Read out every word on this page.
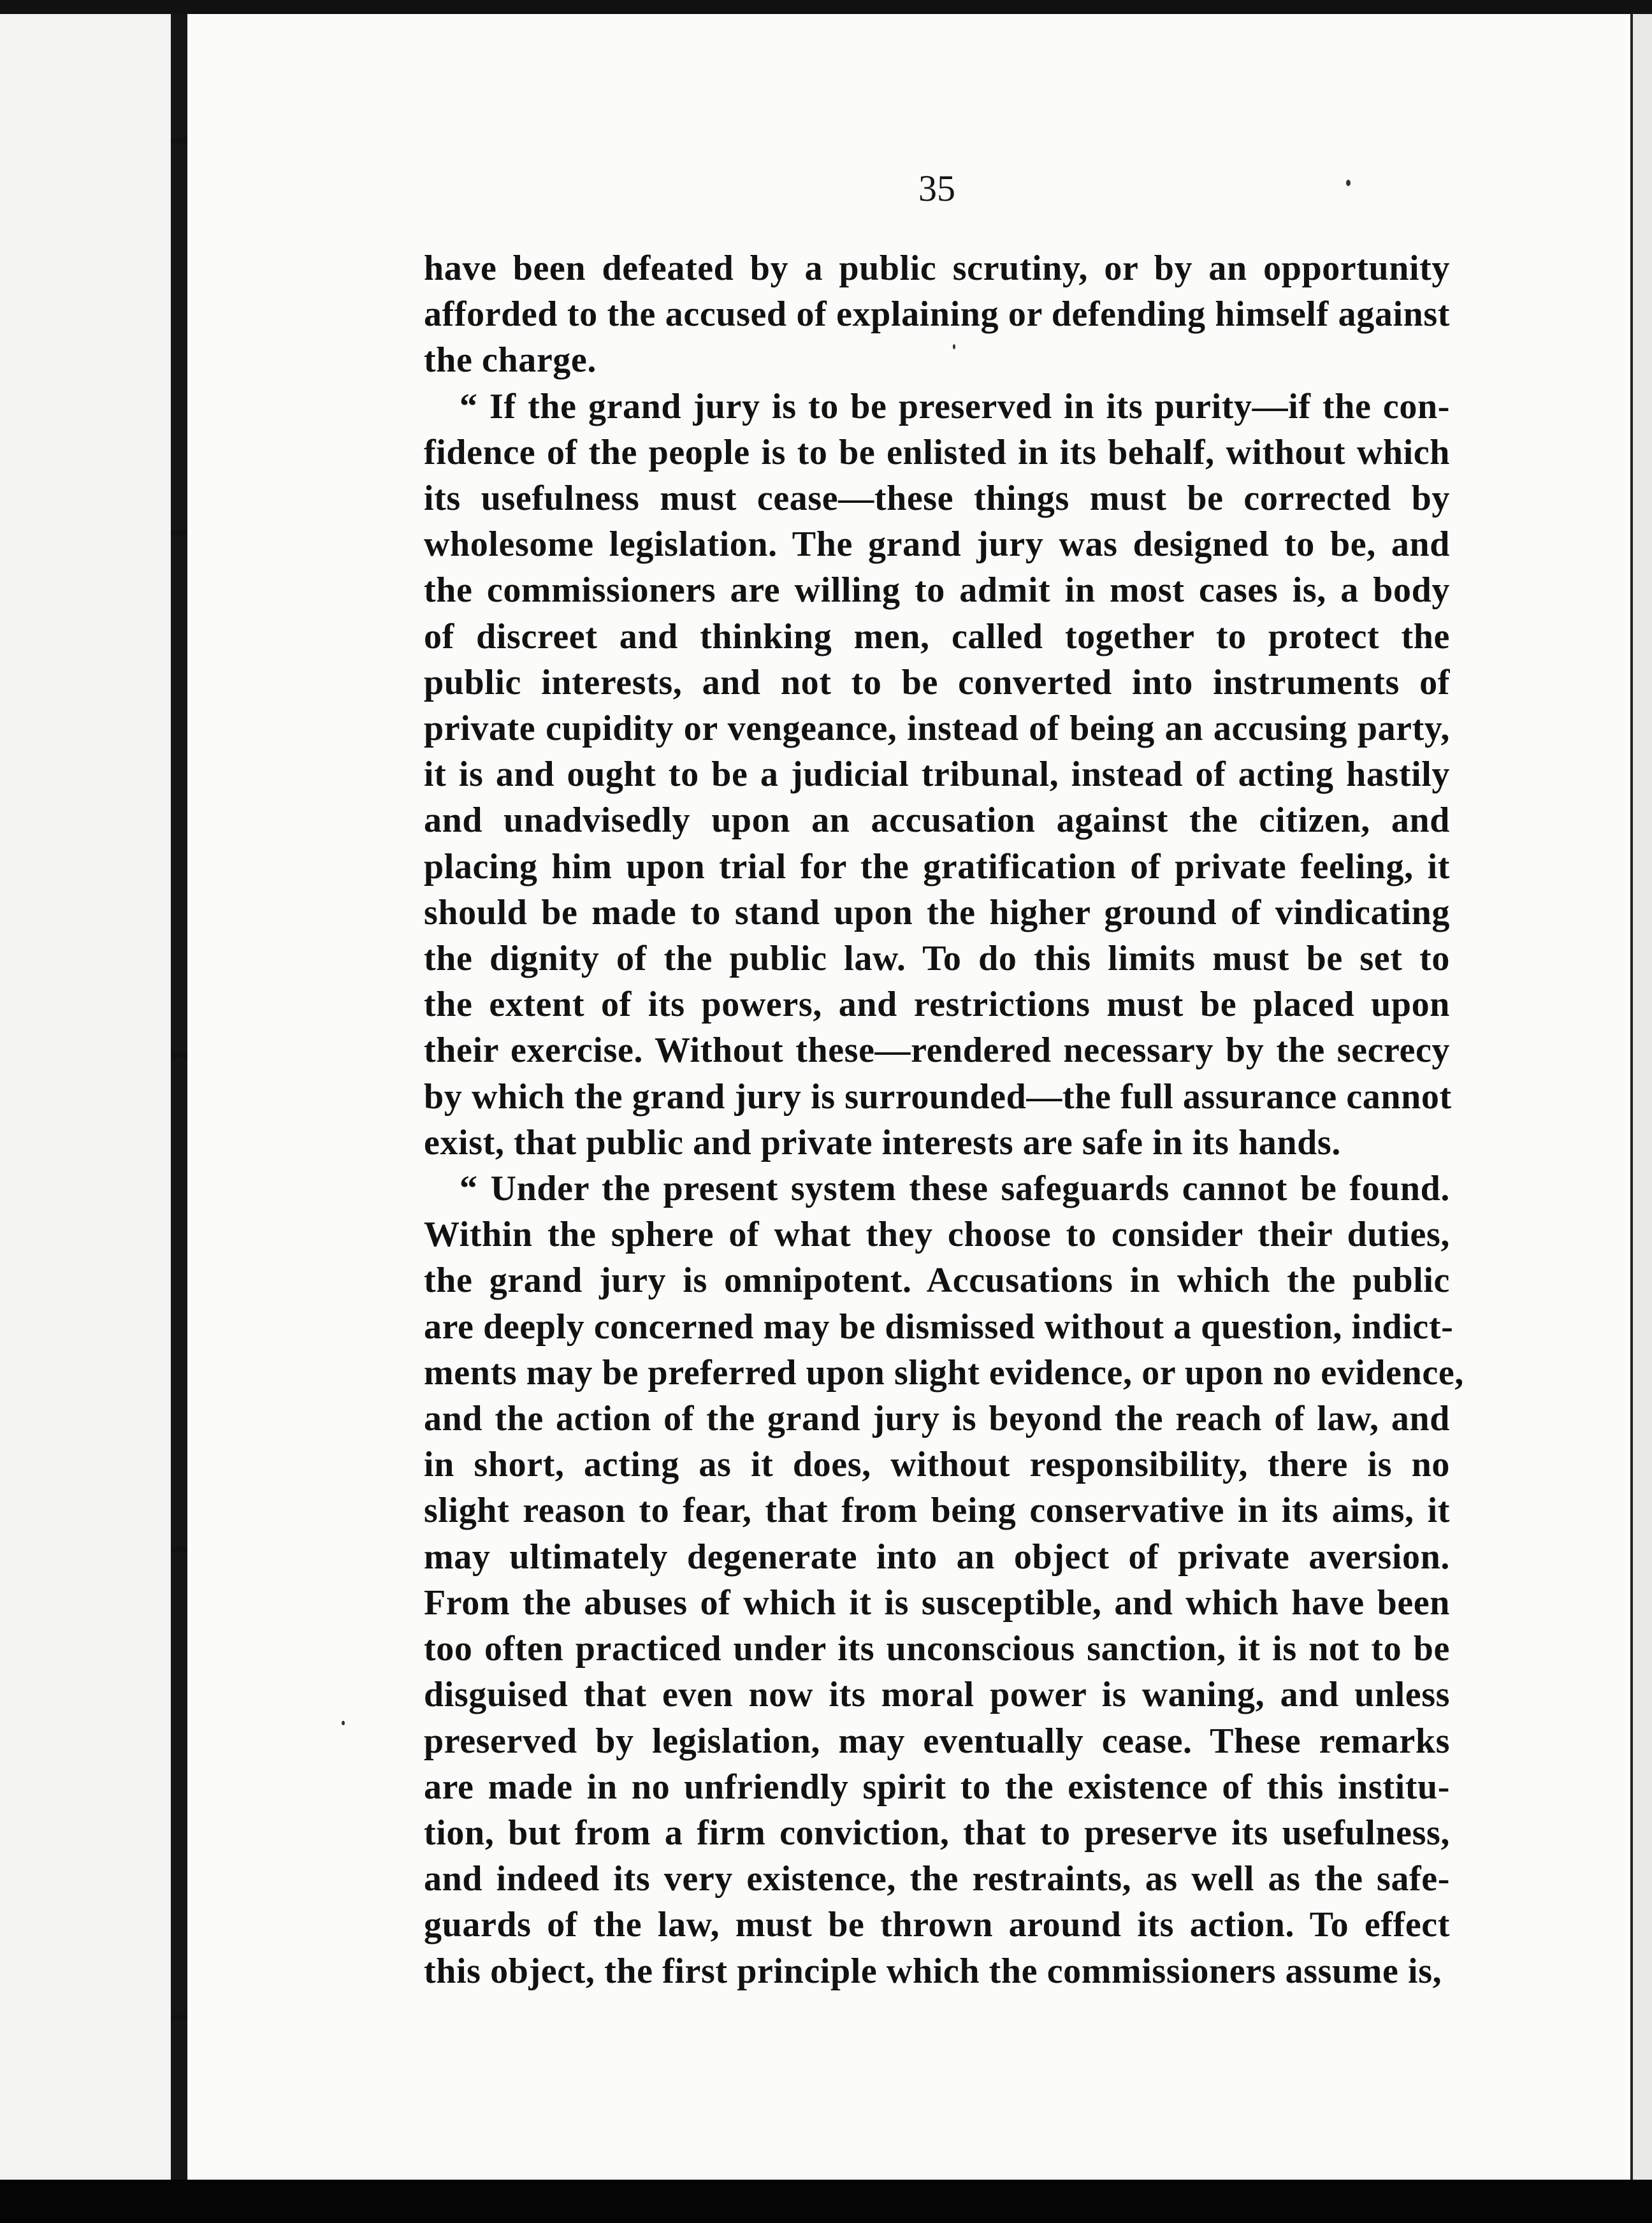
35
have been defeated by a public scrutiny, or by an opportunity
afforded to the accused of explaining or defending himself against
the charge.
“ If the grand jury is to be preserved in its purity—if the con-
fidence of the people is to be enlisted in its behalf, without which
its usefulness must cease—these things must be corrected by
wholesome legislation. The grand jury was designed to be, and
the commissioners are willing to admit in most cases is, a body
of discreet and thinking men, called together to protect the
public interests, and not to be converted into instruments of
private cupidity or vengeance, instead of being an accusing party,
it is and ought to be a judicial tribunal, instead of acting hastily
and unadvisedly upon an accusation against the citizen, and
placing him upon trial for the gratification of private feeling, it
should be made to stand upon the higher ground of vindicating
the dignity of the public law. To do this limits must be set to
the extent of its powers, and restrictions must be placed upon
their exercise. Without these—rendered necessary by the secrecy
by which the grand jury is surrounded—the full assurance cannot
exist, that public and private interests are safe in its hands.
“ Under the present system these safeguards cannot be found.
Within the sphere of what they choose to consider their duties,
the grand jury is omnipotent. Accusations in which the public
are deeply concerned may be dismissed without a question, indict-
ments may be preferred upon slight evidence, or upon no evidence,
and the action of the grand jury is beyond the reach of law, and
in short, acting as it does, without responsibility, there is no
slight reason to fear, that from being conservative in its aims, it
may ultimately degenerate into an object of private aversion.
From the abuses of which it is susceptible, and which have been
too often practiced under its unconscious sanction, it is not to be
disguised that even now its moral power is waning, and unless
preserved by legislation, may eventually cease. These remarks
are made in no unfriendly spirit to the existence of this institu-
tion, but from a firm conviction, that to preserve its usefulness,
and indeed its very existence, the restraints, as well as the safe-
guards of the law, must be thrown around its action. To effect
this object, the first principle which the commissioners assume is,
